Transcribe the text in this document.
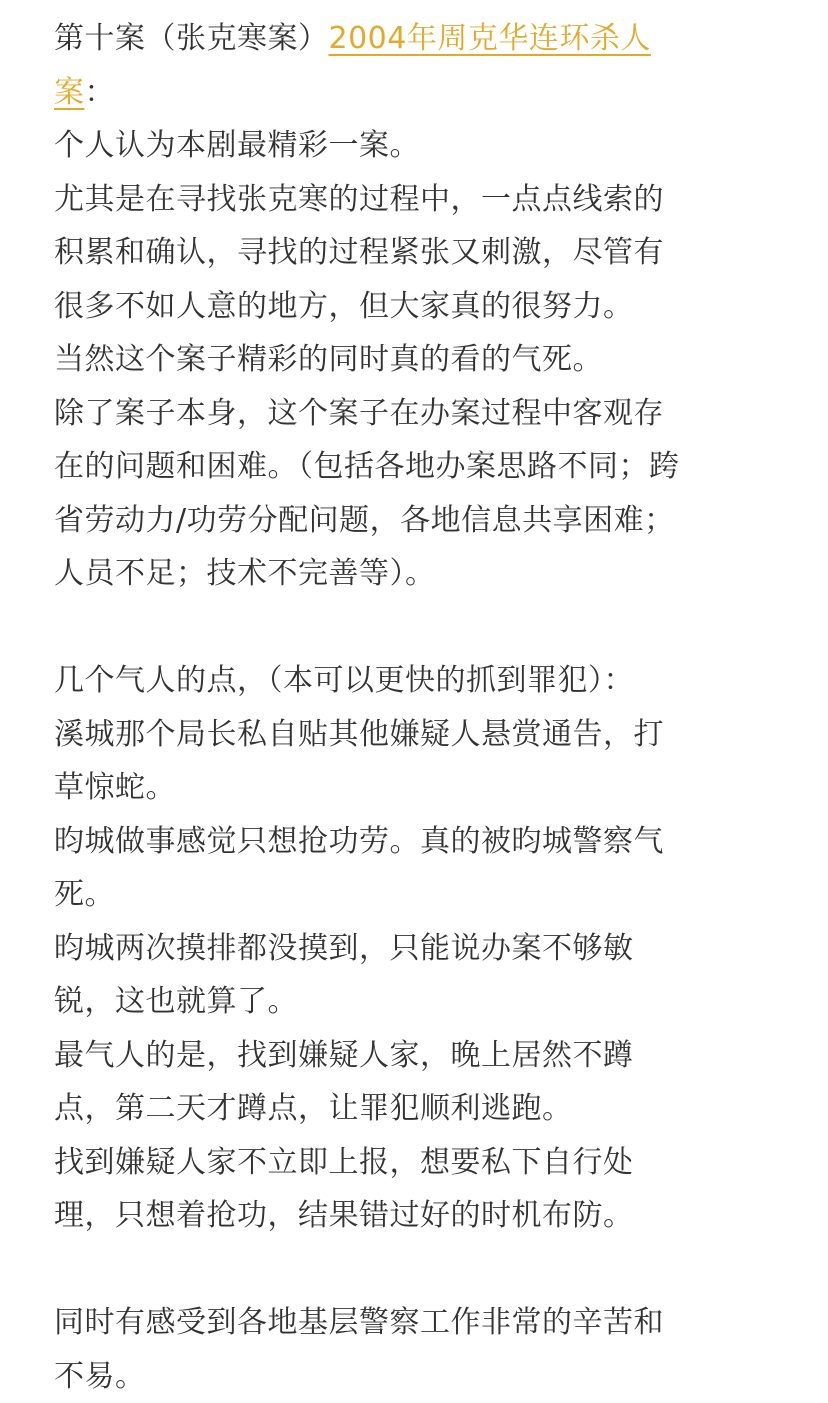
第十案（张克寒案）2004年周克华连环杀人
案：
个人认为本剧最精彩一案。
尤其是在寻找张克寒的过程中，一点点线索的
积累和确认，寻找的过程紧张又刺激，尽管有
很多不如人意的地方，但大家真的很努力。
当然这个案子精彩的同时真的看的气死。
除了案子本身，这个案子在办案过程中客观存
在的问题和困难。（包括各地办案思路不同；跨
省劳动力/功劳分配问题，各地信息共享困难；
人员不足；技术不完善等）。
几个气人的点，（本可以更快的抓到罪犯）：
溪城那个局长私自贴其他嫌疑人悬赏通告，打
草惊蛇。
昀城做事感觉只想抢功劳。真的被昀城警察气
死。
昀城两次摸排都没摸到，只能说办案不够敏
锐，这也就算了。
最气人的是，找到嫌疑人家，晚上居然不蹲
点，第二天才蹲点，让罪犯顺利逃跑。
找到嫌疑人家不立即上报，想要私下自行处
理，只想着抢功，结果错过好的时机布防。
同时有感受到各地基层警察工作非常的辛苦和
不易。
